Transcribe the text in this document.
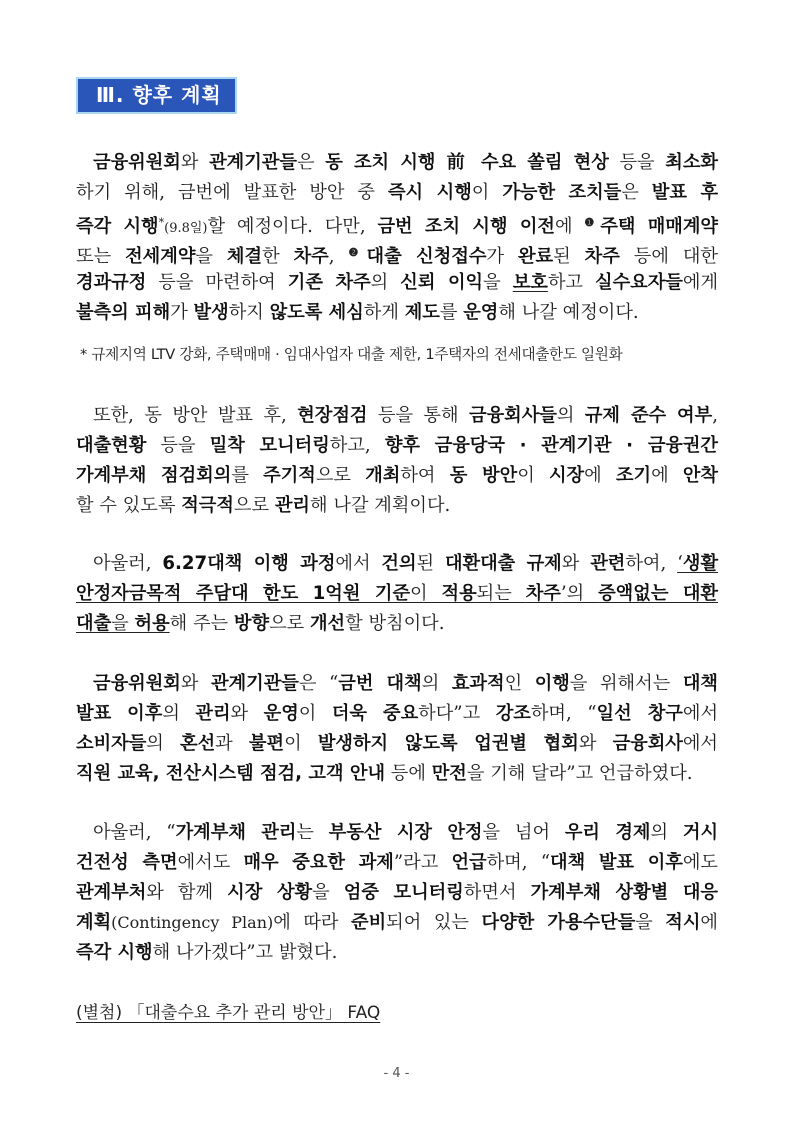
Ⅲ. 향후 계획
금융위원회와 관계기관들은 동 조치 시행 前 수요 쏠림 현상 등을 최소화
하기 위해, 금번에 발표한 방안 중 즉시 시행이 가능한 조치들은 발표 후
즉각 시행*(9.8일)할 예정이다. 다만, 금번 조치 시행 이전에 $^❶$주택 매매계약
또는 전세계약을 체결한 차주, $^❷$대출 신청접수가 완료된 차주 등에 대한
경과규정 등을 마련하여 기존 차주의 신뢰 이익을 보호하고 실수요자들에게
불측의 피해가 발생하지 않도록 세심하게 제도를 운영해 나갈 예정이다.
* 규제지역 LTV 강화, 주택매매 · 임대사업자 대출 제한, 1주택자의 전세대출한도 일원화
또한, 동 방안 발표 후, 현장점검 등을 통해 금융회사들의 규제 준수 여부,
대출현황 등을 밀착 모니터링하고, 향후 금융당국 · 관계기관 · 금융권간
가계부채 점검회의를 주기적으로 개최하여 동 방안이 시장에 조기에 안착
할 수 있도록 적극적으로 관리해 나갈 계획이다.
아울러, 6.27대책 이행 과정에서 건의된 대환대출 규제와 관련하여, ‘생활
안정자금목적 주담대 한도 1억원 기준이 적용되는 차주’의 증액없는 대환
대출을 허용해 주는 방향으로 개선할 방침이다.
금융위원회와 관계기관들은 “금번 대책의 효과적인 이행을 위해서는 대책
발표 이후의 관리와 운영이 더욱 중요하다”고 강조하며, “일선 창구에서
소비자들의 혼선과 불편이 발생하지 않도록 업권별 협회와 금융회사에서
직원 교육, 전산시스템 점검, 고객 안내 등에 만전을 기해 달라”고 언급하였다.
아울러, “가계부채 관리는 부동산 시장 안정을 넘어 우리 경제의 거시
건전성 측면에서도 매우 중요한 과제”라고 언급하며, “대책 발표 이후에도
관계부처와 함께 시장 상황을 엄중 모니터링하면서 가계부채 상황별 대응
계획(Contingency Plan)에 따라 준비되어 있는 다양한 가용수단들을 적시에
즉각 시행해 나가겠다”고 밝혔다.
(별첨) 「대출수요 추가 관리 방안」 FAQ
- 4 -
